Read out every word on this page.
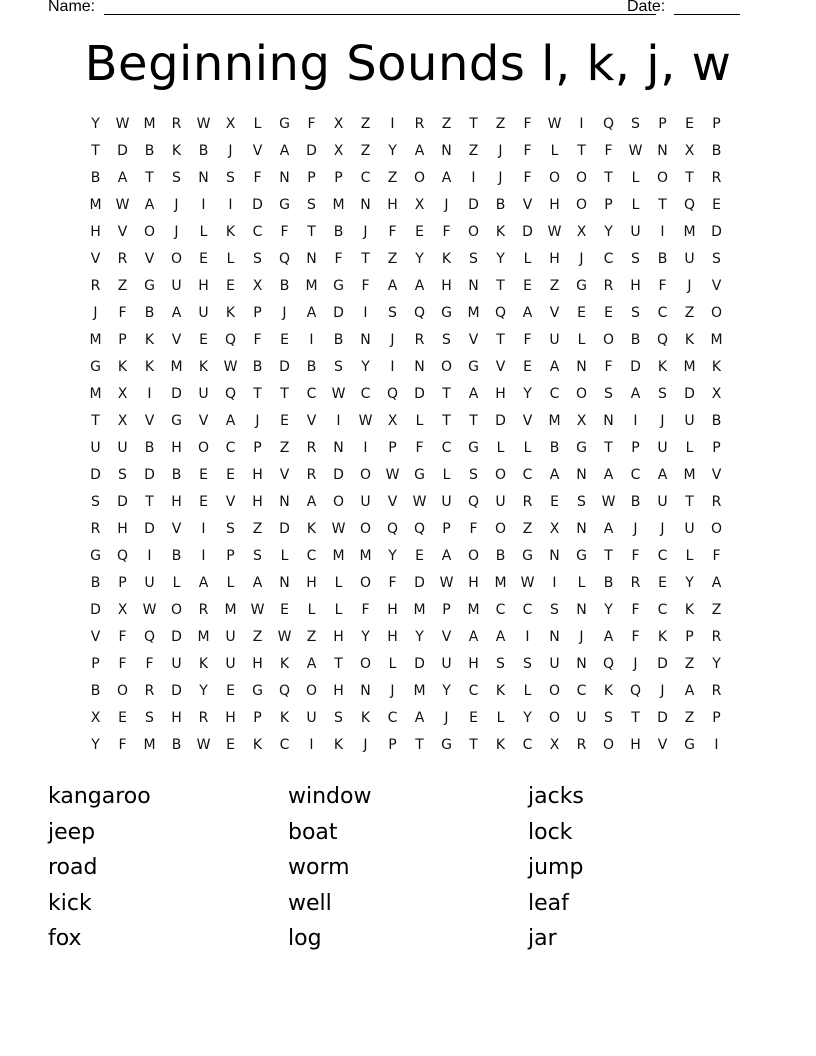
Name:	Date:
Beginning Sounds l, k, j, w
Y	W	M	R	W	X	L	G	F	X	Z	I	R	Z	T	Z	F	W	I	Q	S	P	E	P
T	D	B	K	B	J	V	A	D	X	Z	Y	A	N	Z	J	F	L	T	F	W	N	X	B
B	A	T	S	N	S	F	N	P	P	C	Z	O	A	I	J	F	O	O	T	L	O	T	R
M	W	A	J	I	I	D	G	S	M	N	H	X	J	D	B	V	H	O	P	L	T	Q	E
H	V	O	J	L	K	C	F	T	B	J	F	E	F	O	K	D	W	X	Y	U	I	M	D
V	R	V	O	E	L	S	Q	N	F	T	Z	Y	K	S	Y	L	H	J	C	S	B	U	S
R	Z	G	U	H	E	X	B	M	G	F	A	A	H	N	T	E	Z	G	R	H	F	J	V
J	F	B	A	U	K	P	J	A	D	I	S	Q	G	M	Q	A	V	E	E	S	C	Z	O
M	P	K	V	E	Q	F	E	I	B	N	J	R	S	V	T	F	U	L	O	B	Q	K	M
G	K	K	M	K	W	B	D	B	S	Y	I	N	O	G	V	E	A	N	F	D	K	M	K
M	X	I	D	U	Q	T	T	C	W	C	Q	D	T	A	H	Y	C	O	S	A	S	D	X
T	X	V	G	V	A	J	E	V	I	W	X	L	T	T	D	V	M	X	N	I	J	U	B
U	U	B	H	O	C	P	Z	R	N	I	P	F	C	G	L	L	B	G	T	P	U	L	P
D	S	D	B	E	E	H	V	R	D	O	W	G	L	S	O	C	A	N	A	C	A	M	V
S	D	T	H	E	V	H	N	A	O	U	V	W	U	Q	U	R	E	S	W	B	U	T	R
R	H	D	V	I	S	Z	D	K	W	O	Q	Q	P	F	O	Z	X	N	A	J	J	U	O
G	Q	I	B	I	P	S	L	C	M	M	Y	E	A	O	B	G	N	G	T	F	C	L	F
B	P	U	L	A	L	A	N	H	L	O	F	D	W	H	M	W	I	L	B	R	E	Y	A
D	X	W	O	R	M	W	E	L	L	F	H	M	P	M	C	C	S	N	Y	F	C	K	Z
V	F	Q	D	M	U	Z	W	Z	H	Y	H	Y	V	A	A	I	N	J	A	F	K	P	R
P	F	F	U	K	U	H	K	A	T	O	L	D	U	H	S	S	U	N	Q	J	D	Z	Y
B	O	R	D	Y	E	G	Q	O	H	N	J	M	Y	C	K	L	O	C	K	Q	J	A	R
X	E	S	H	R	H	P	K	U	S	K	C	A	J	E	L	Y	O	U	S	T	D	Z	P
Y	F	M	B	W	E	K	C	I	K	J	P	T	G	T	K	C	X	R	O	H	V	G	I
kangaroo	window	jacks
jeep	boat	lock
road	worm	jump
kick	well	leaf
fox	log	jar
